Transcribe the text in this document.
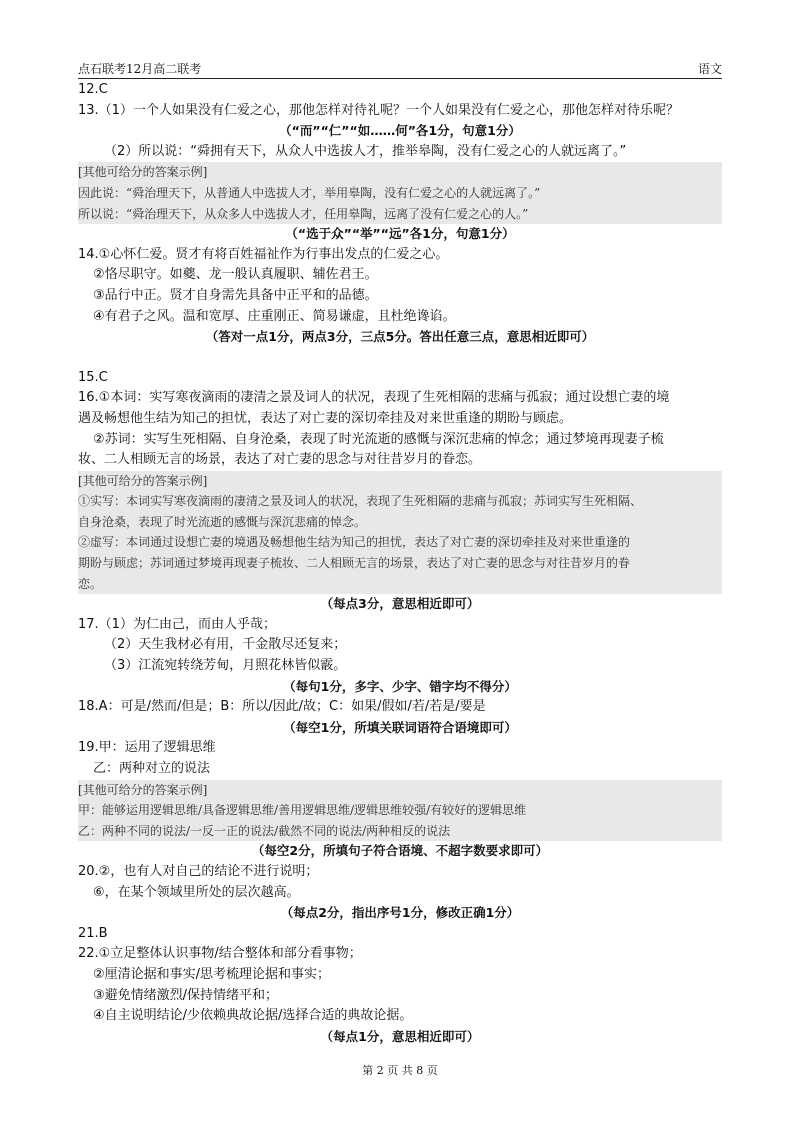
点石联考12月高二联考	语文
12.C
13.（1）一个人如果没有仁爱之心，那他怎样对待礼呢？一个人如果没有仁爱之心，那他怎样对待乐呢？
（“而”“仁”“如……何”各1分，句意1分）
（2）所以说：“舜拥有天下，从众人中选拔人才，推举皋陶，没有仁爱之心的人就远离了。”
[其他可给分的答案示例]
因此说：“舜治理天下，从普通人中选拔人才，举用皋陶，没有仁爱之心的人就远离了。”
所以说：“舜治理天下，从众多人中选拔人才，任用皋陶，远离了没有仁爱之心的人。”
（“选于众”“举”“远”各1分，句意1分）
14.①心怀仁爱。贤才有将百姓福祉作为行事出发点的仁爱之心。
②恪尽职守。如夔、龙一般认真履职、辅佐君王。
③品行中正。贤才自身需先具备中正平和的品德。
④有君子之风。温和宽厚、庄重刚正、简易谦虚，且杜绝谗谄。
（答对一点1分，两点3分，三点5分。答出任意三点，意思相近即可）
15.C
16.①本词：实写寒夜滴雨的凄清之景及词人的状况，表现了生死相隔的悲痛与孤寂；通过设想亡妻的境
遇及畅想他生结为知己的担忧，表达了对亡妻的深切牵挂及对来世重逢的期盼与顾虑。
②苏词：实写生死相隔、自身沧桑，表现了时光流逝的感慨与深沉悲痛的悼念；通过梦境再现妻子梳
妆、二人相顾无言的场景，表达了对亡妻的思念与对往昔岁月的眷恋。
[其他可给分的答案示例]
①实写：本词实写寒夜滴雨的凄清之景及词人的状况，表现了生死相隔的悲痛与孤寂；苏词实写生死相隔、
自身沧桑，表现了时光流逝的感慨与深沉悲痛的悼念。
②虚写：本词通过设想亡妻的境遇及畅想他生结为知己的担忧，表达了对亡妻的深切牵挂及对来世重逢的
期盼与顾虑；苏词通过梦境再现妻子梳妆、二人相顾无言的场景，表达了对亡妻的思念与对往昔岁月的眷
恋。
（每点3分，意思相近即可）
17.（1）为仁由己，而由人乎哉；
（2）天生我材必有用，千金散尽还复来；
（3）江流宛转绕芳甸，月照花林皆似霰。
（每句1分，多字、少字、错字均不得分）
18.A：可是/然而/但是；B：所以/因此/故；C：如果/假如/若/若是/要是
（每空1分，所填关联词语符合语境即可）
19.甲：运用了逻辑思维
乙：两种对立的说法
[其他可给分的答案示例]
甲：能够运用逻辑思维/具备逻辑思维/善用逻辑思维/逻辑思维较强/有较好的逻辑思维
乙：两种不同的说法/一反一正的说法/截然不同的说法/两种相反的说法
（每空2分，所填句子符合语境、不超字数要求即可）
20.②，也有人对自己的结论不进行说明；
⑥，在某个领域里所处的层次越高。
（每点2分，指出序号1分，修改正确1分）
21.B
22.①立足整体认识事物/结合整体和部分看事物；
②厘清论据和事实/思考梳理论据和事实；
③避免情绪激烈/保持情绪平和；
④自主说明结论/少依赖典故论据/选择合适的典故论据。
（每点1分，意思相近即可）
第 2 页 共 8 页
